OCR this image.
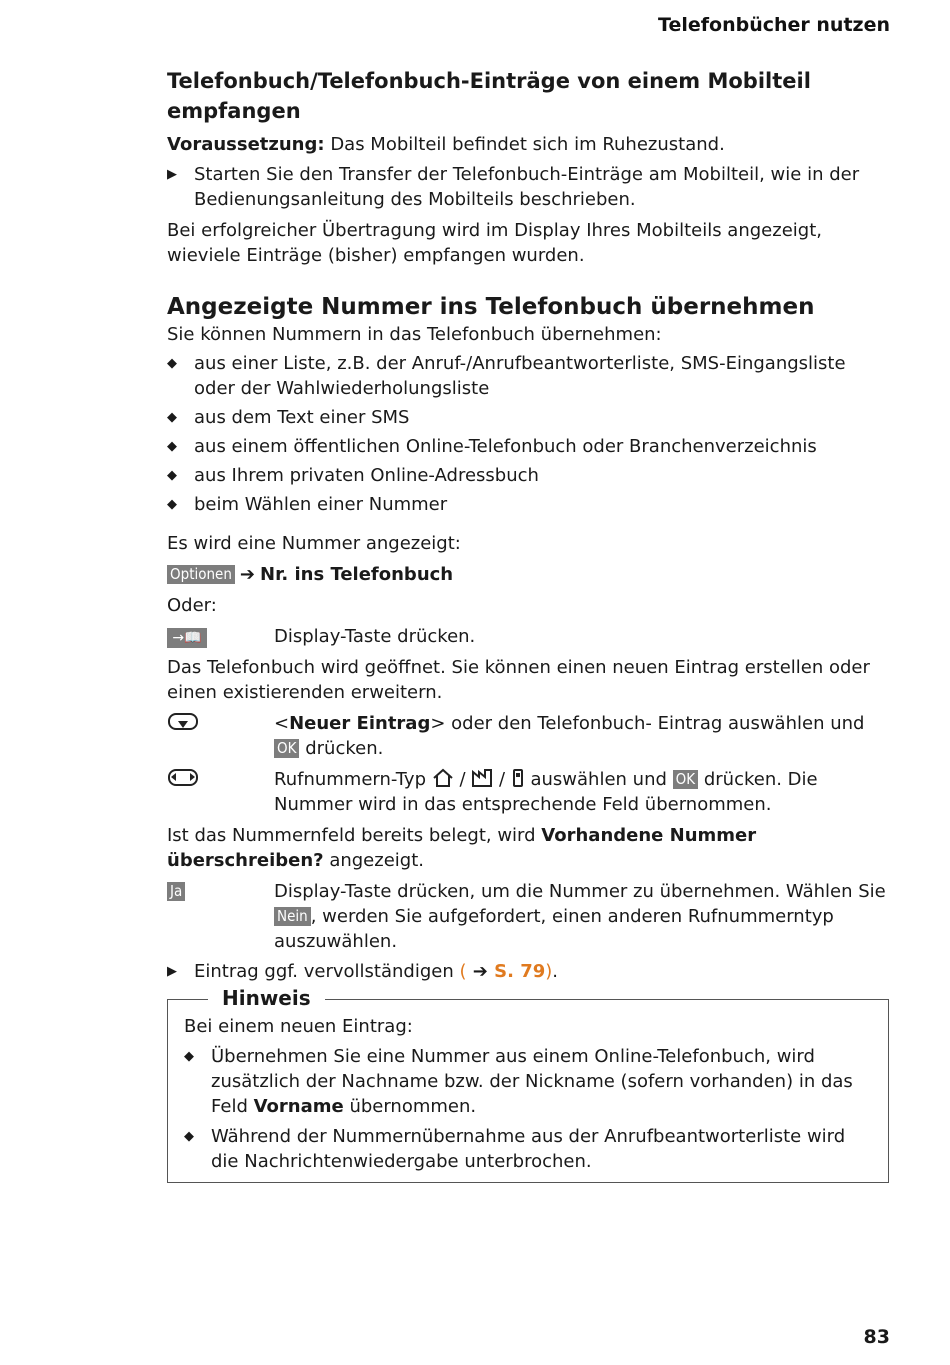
Telefonbücher nutzen
Telefonbuch/Telefonbuch-Einträge von einem Mobilteil empfangen

Voraussetzung: Das Mobilteil befindet sich im Ruhezustand.

▶ Starten Sie den Transfer der Telefonbuch-Einträge am Mobilteil, wie in der Bedienungsanleitung des Mobilteils beschrieben.

Bei erfolgreicher Übertragung wird im Display Ihres Mobilteils angezeigt, wieviele Einträge (bisher) empfangen wurden.

Angezeigte Nummer ins Telefonbuch übernehmen

Sie können Nummern in das Telefonbuch übernehmen:

◆ aus einer Liste, z.B. der Anruf-/Anrufbeantworterliste, SMS-Eingangsliste oder der Wahlwiederholungsliste
◆ aus dem Text einer SMS
◆ aus einem öffentlichen Online-Telefonbuch oder Branchenverzeichnis
◆ aus Ihrem privaten Online-Adressbuch
◆ beim Wählen einer Nummer

Es wird eine Nummer angezeigt:

Optionen ➔ Nr. ins Telefonbuch

Oder:

→📖	Display-Taste drücken.

Das Telefonbuch wird geöffnet. Sie können einen neuen Eintrag erstellen oder einen existierenden erweitern.

<Neuer Eintrag> oder den Telefonbuch- Eintrag auswählen und OK drücken.
Rufnummern-Typ
/
/
auswählen und OK drücken. Die Nummer wird in das entsprechende Feld übernommen.

Ist das Nummernfeld bereits belegt, wird Vorhandene Nummer überschreiben? angezeigt.

Ja	Display-Taste drücken, um die Nummer zu übernehmen. Wählen Sie Nein , werden Sie aufgefordert, einen anderen Rufnummerntyp auszuwählen.
▶ Eintrag ggf. vervollständigen ( ➔ S. 79).
Hinweis

Bei einem neuen Eintrag:

◆ Übernehmen Sie eine Nummer aus einem Online-Telefonbuch, wird zusätzlich der Nachname bzw. der Nickname (sofern vorhanden) in das Feld Vorname übernommen.
◆ Während der Nummernübernahme aus der Anrufbeantworterliste wird die Nachrichtenwiedergabe unterbrochen.
83
